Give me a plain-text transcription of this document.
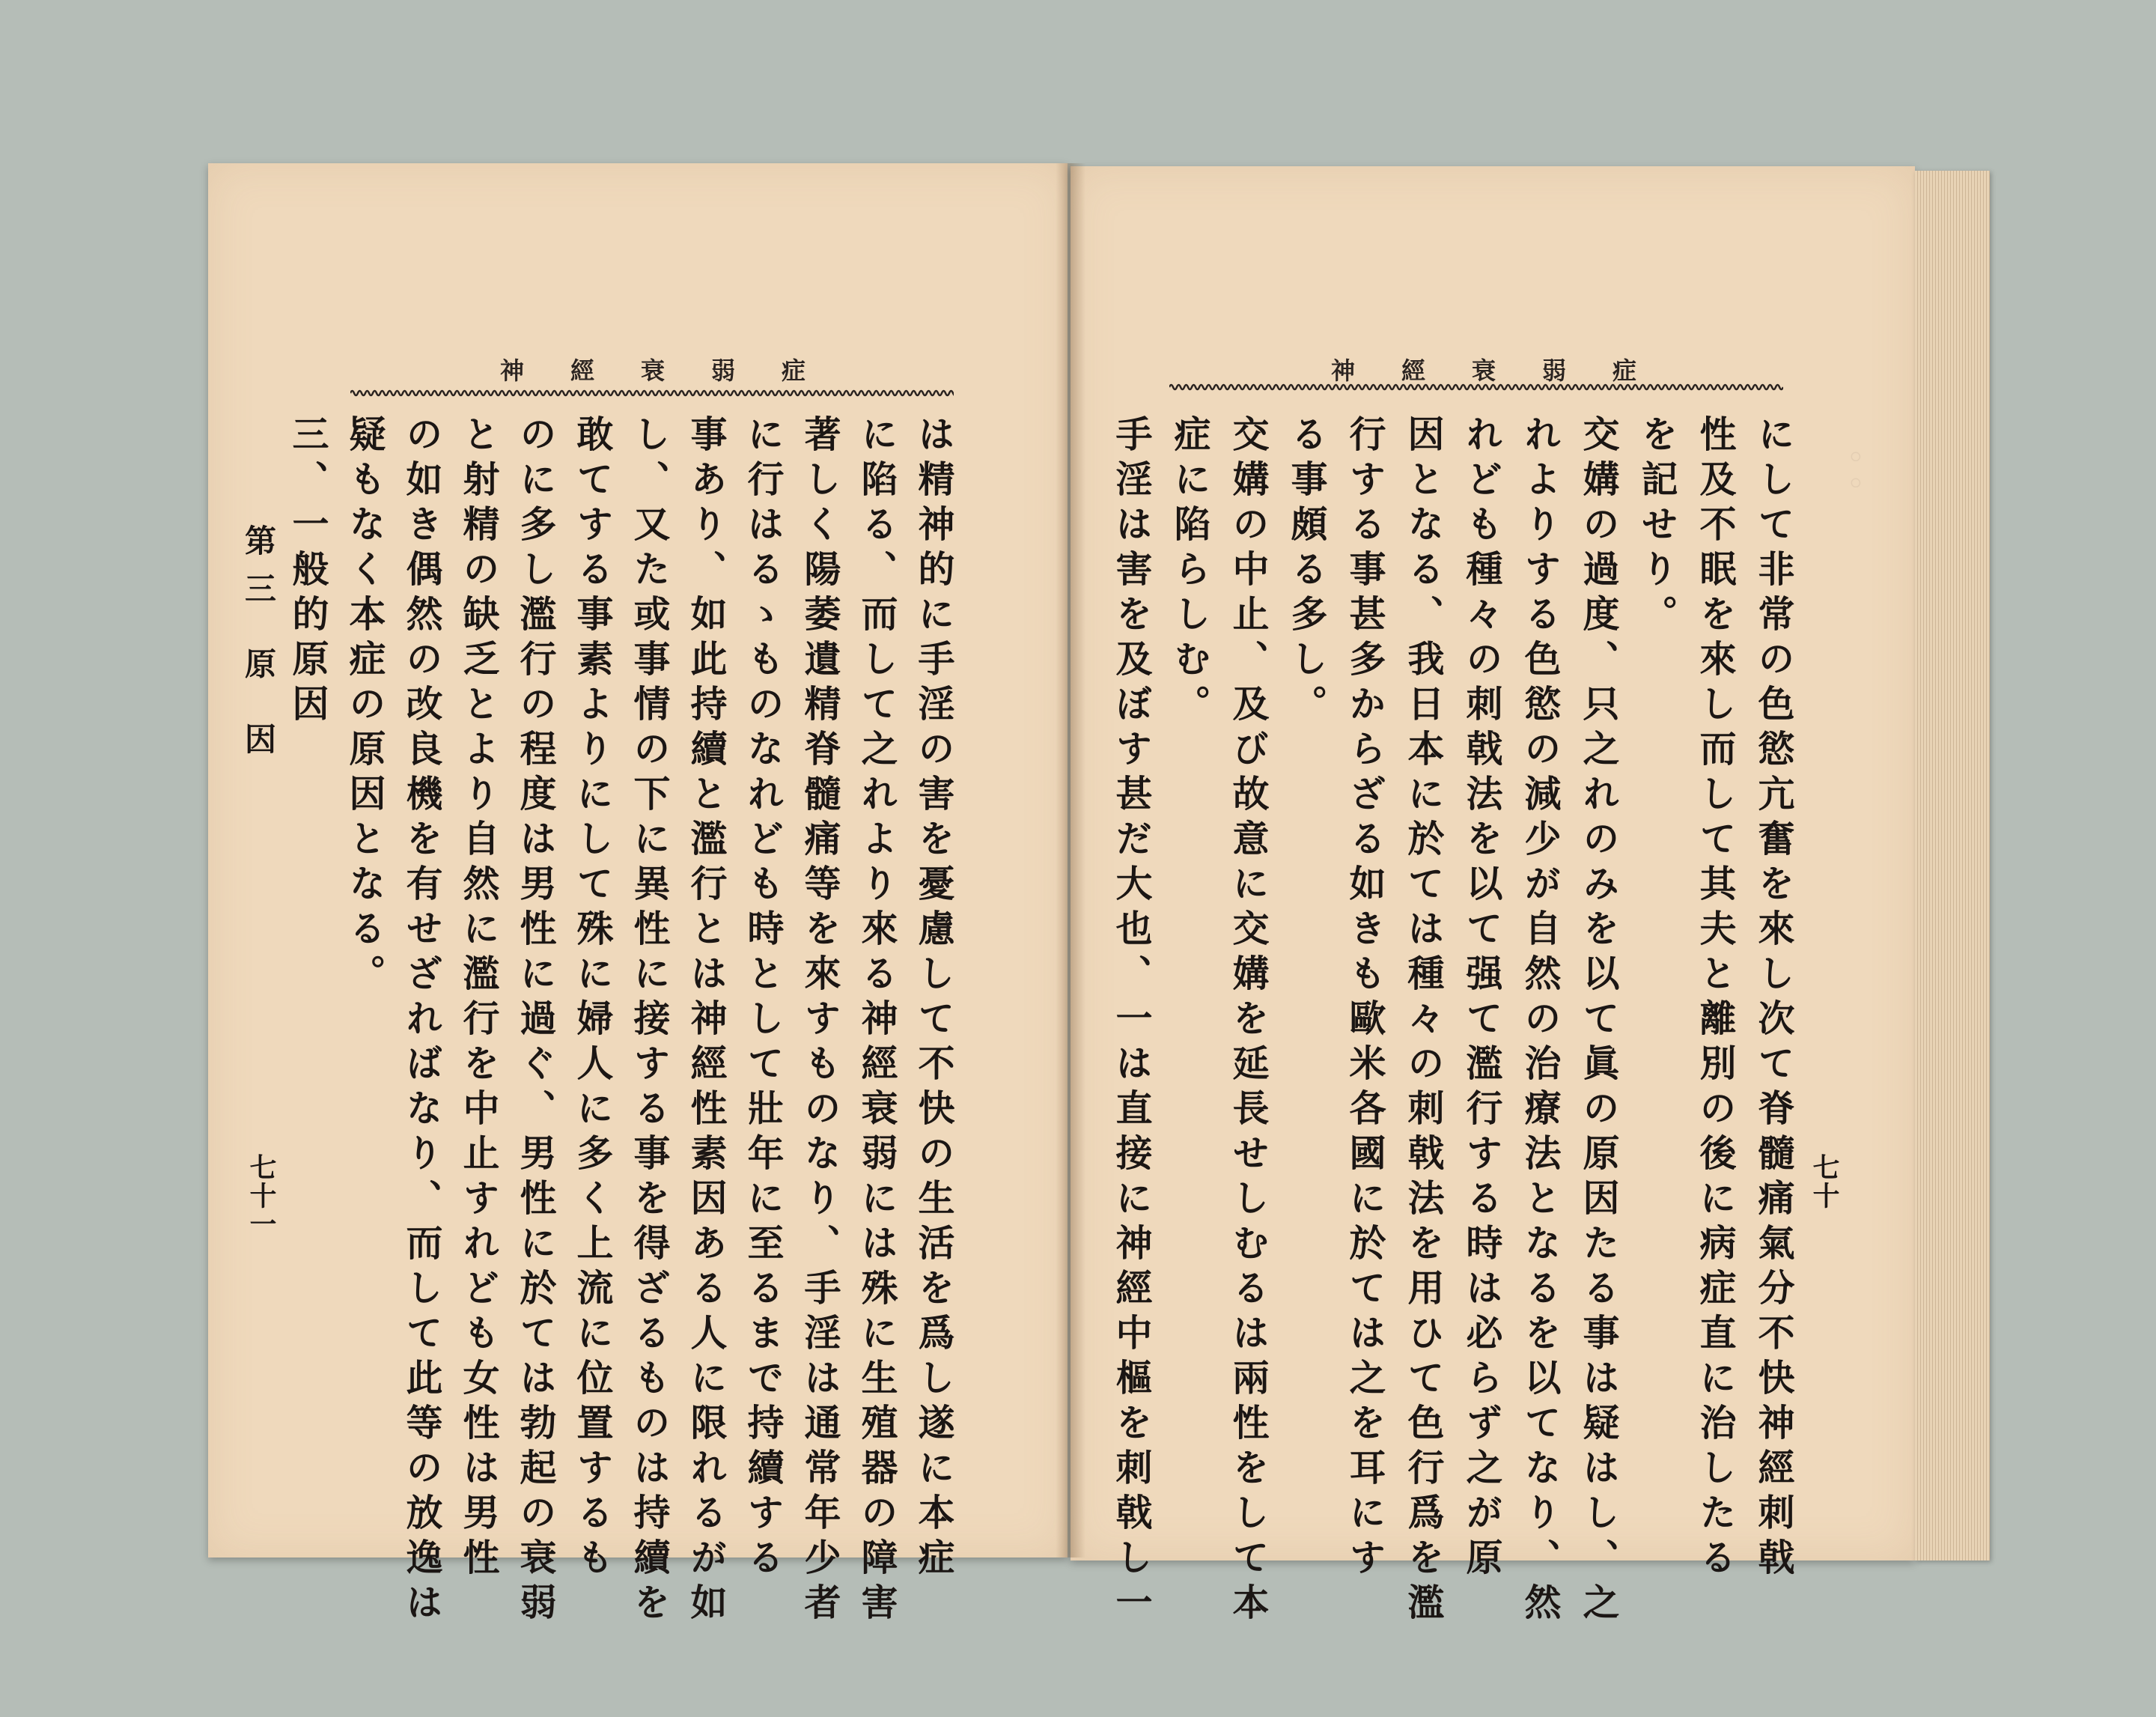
。。
神經衰弱症
は精神的に手淫の害を憂慮して不快の生活を爲し遂に本症
に陷る、而して之れより來る神經衰弱には殊に生殖器の障害
著しく陽萎遺精脊髓痛等を來すものなり、手淫は通常年少者
に行はるゝものなれども時として壯年に至るまで持續する
事あり、如此持續と濫行とは神經性素因ある人に限れるが如
し、又た或事情の下に異性に接する事を得ざるものは持續を
敢てする事素よりにして殊に婦人に多く上流に位置するも
のに多し濫行の程度は男性に過ぐ、男性に於ては勃起の衰弱
と射精の缺乏とより自然に濫行を中止すれども女性は男性
の如き偶然の改良機を有せざればなり、而して此等の放逸は
疑もなく本症の原因となる。
三、一般的原因
第三 原 因
七十一
神經衰弱症
にして非常の色慾亢奮を來し次て脊髓痛氣分不快神經刺戟
性及不眠を來し而して其夫と離別の後に病症直に治したる
を記せり。
交媾の過度、只之れのみを以て眞の原因たる事は疑はし、之
れよりする色慾の減少が自然の治療法となるを以てなり、然
れども種々の刺戟法を以て强て濫行する時は必らず之が原
因となる、我日本に於ては種々の刺戟法を用ひて色行爲を濫
行する事甚多からざる如きも歐米各國に於ては之を耳にす
る事頗る多し。
交媾の中止、及び故意に交媾を延長せしむるは兩性をして本
症に陷らしむ。
手淫は害を及ぼす甚だ大也、一は直接に神經中樞を刺戟し一	七十
